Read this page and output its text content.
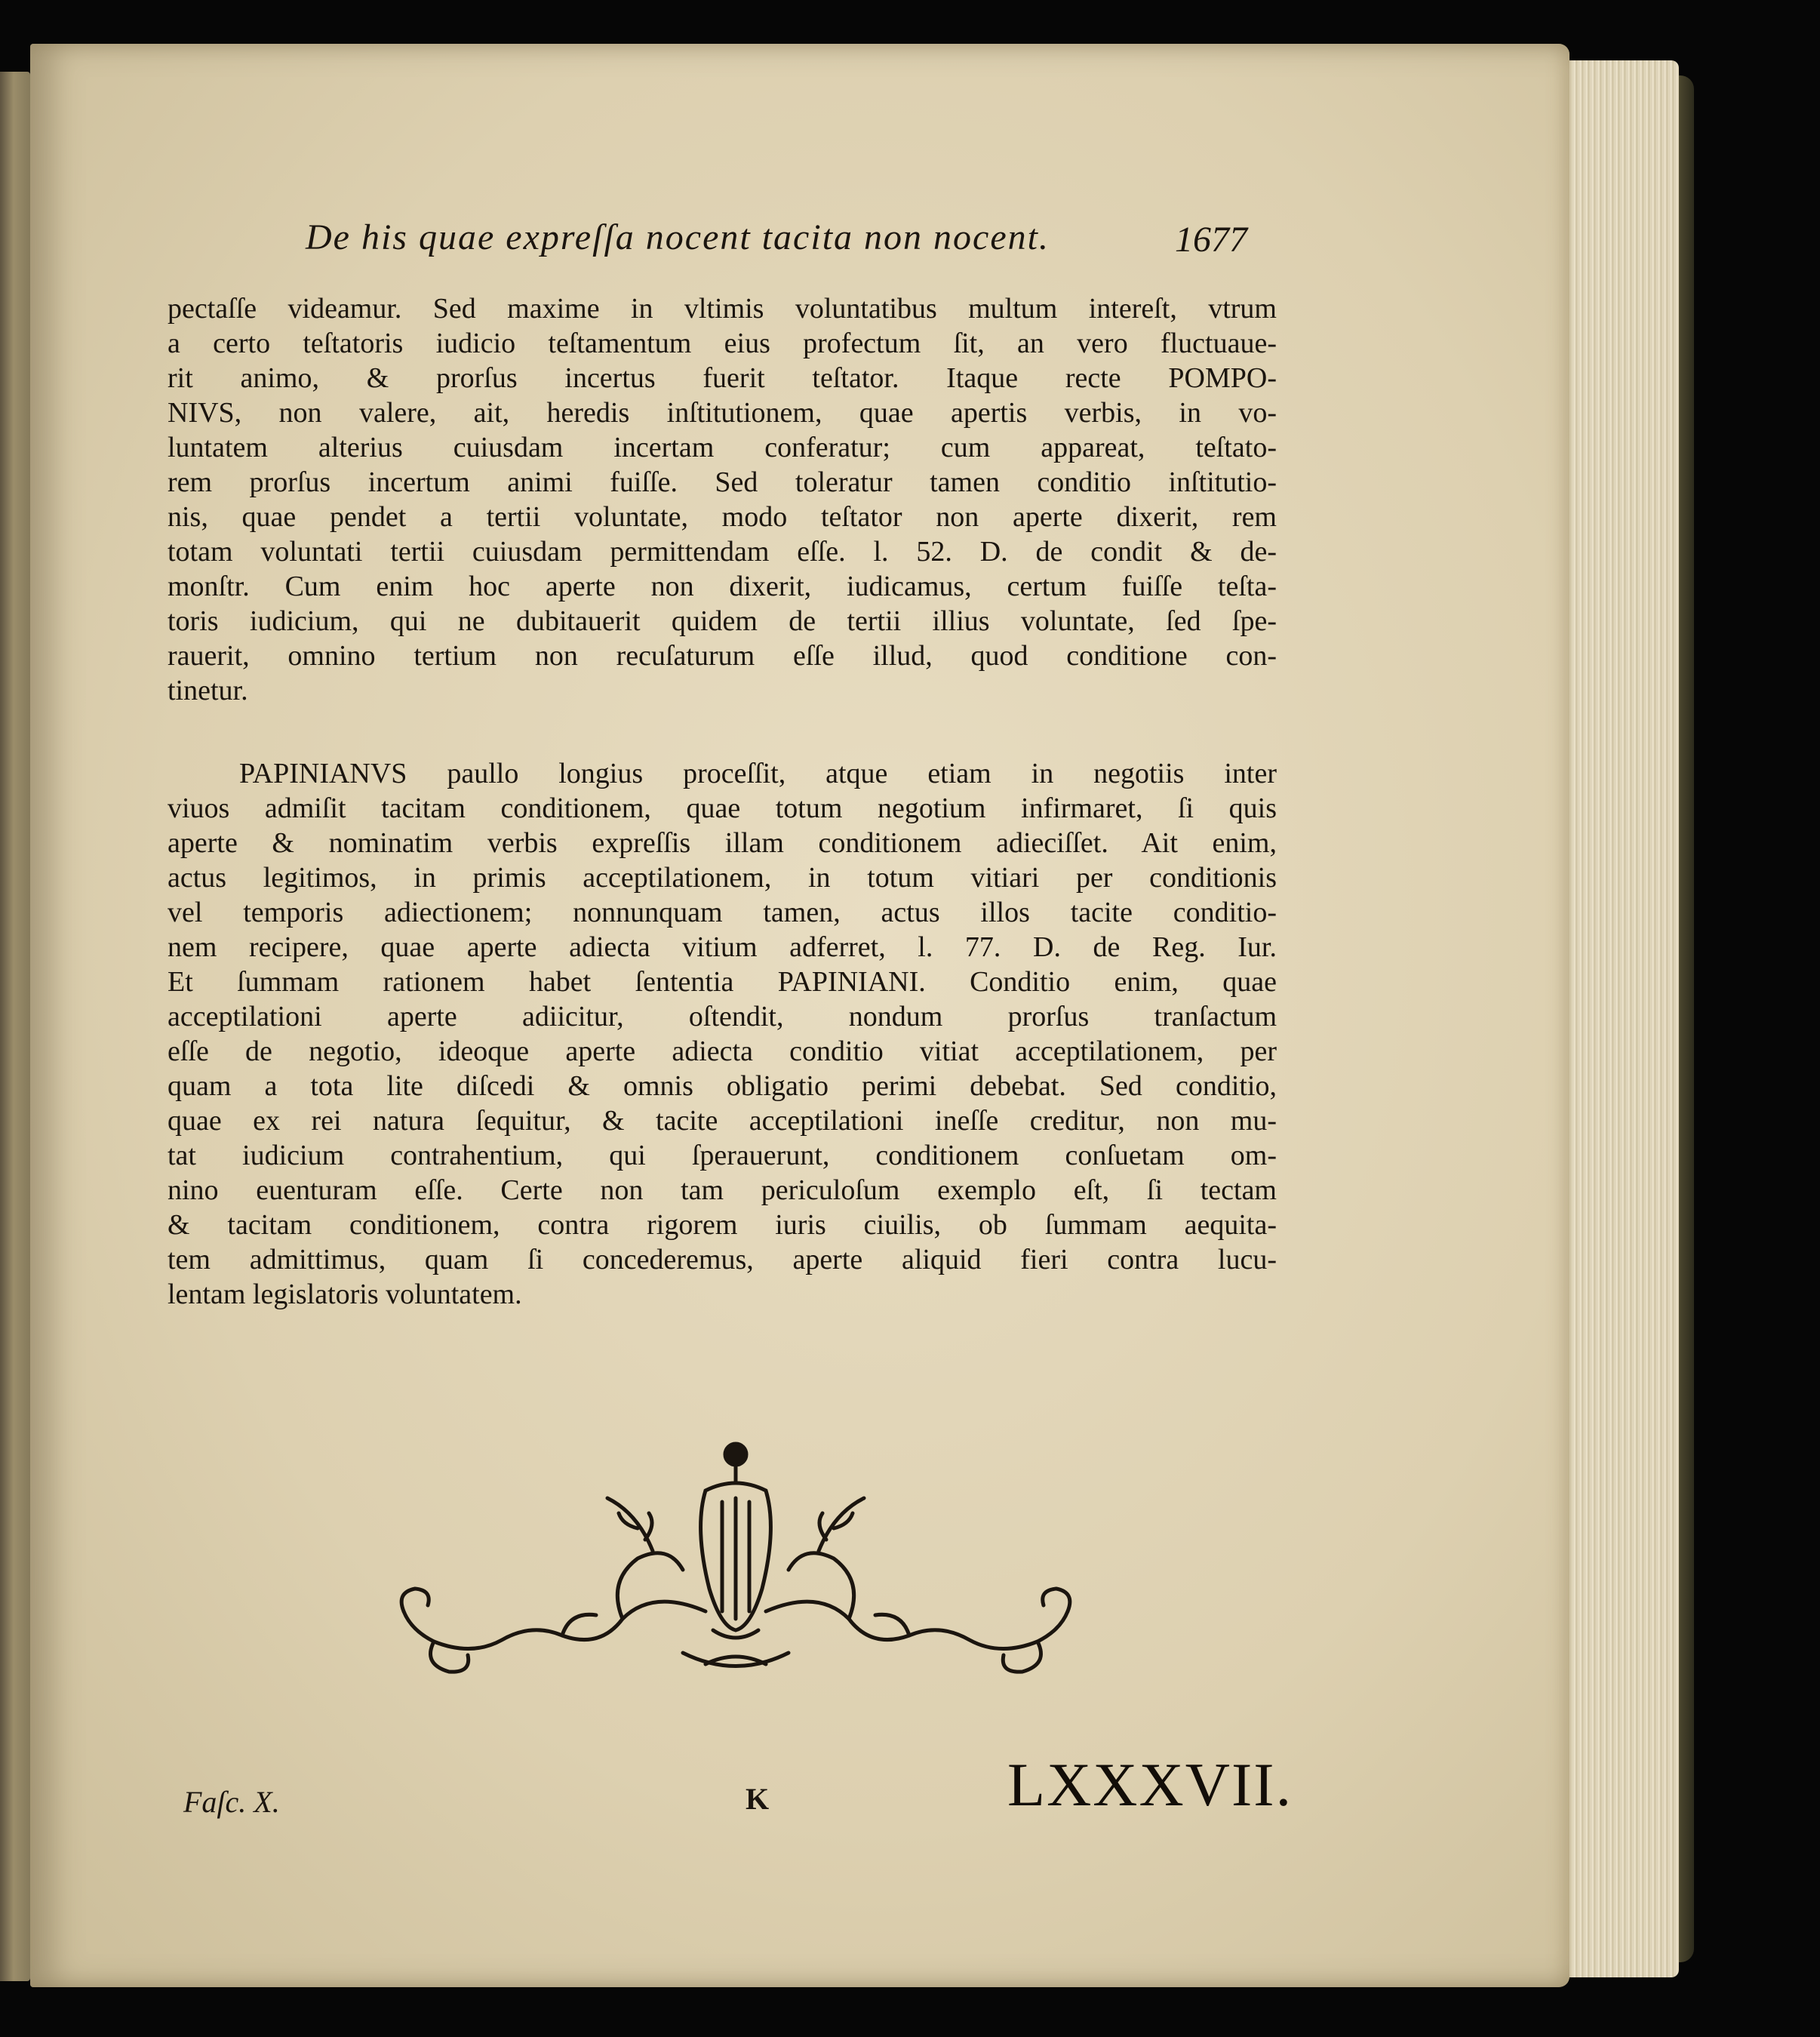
De his quae expreſſa nocent tacita non nocent.	1677
pectaſſe videamur. Sed maxime in vltimis voluntatibus multum intereſt, vtrum
a certo teſtatoris iudicio teſtamentum eius profectum ſit, an vero fluctuaue-
rit animo, & prorſus incertus fuerit teſtator. Itaque recte POMPO-
NIVS, non valere, ait, heredis inſtitutionem, quae apertis verbis, in vo-
luntatem alterius cuiusdam incertam conferatur; cum appareat, teſtato-
rem prorſus incertum animi fuiſſe. Sed toleratur tamen conditio inſtitutio-
nis, quae pendet a tertii voluntate, modo teſtator non aperte dixerit, rem
totam voluntati tertii cuiusdam permittendam eſſe. l. 52. D. de condit & de-
monſtr. Cum enim hoc aperte non dixerit, iudicamus, certum fuiſſe teſta-
toris iudicium, qui ne dubitauerit quidem de tertii illius voluntate, ſed ſpe-
rauerit, omnino tertium non recuſaturum eſſe illud, quod conditione con-
tinetur.
PAPINIANVS paullo longius proceſſit, atque etiam in negotiis inter
viuos admiſit tacitam conditionem, quae totum negotium infirmaret, ſi quis
aperte & nominatim verbis expreſſis illam conditionem adieciſſet. Ait enim,
actus legitimos, in primis acceptilationem, in totum vitiari per conditionis
vel temporis adiectionem; nonnunquam tamen, actus illos tacite conditio-
nem recipere, quae aperte adiecta vitium adferret, l. 77. D. de Reg. Iur.
Et ſummam rationem habet ſententia PAPINIANI. Conditio enim, quae
acceptilationi aperte adiicitur, oſtendit, nondum prorſus tranſactum
eſſe de negotio, ideoque aperte adiecta conditio vitiat acceptilationem, per
quam a tota lite diſcedi & omnis obligatio perimi debebat. Sed conditio,
quae ex rei natura ſequitur, & tacite acceptilationi ineſſe creditur, non mu-
tat iudicium contrahentium, qui ſperauerunt, conditionem conſuetam om-
nino euenturam eſſe. Certe non tam periculoſum exemplo eſt, ſi tectam
& tacitam conditionem, contra rigorem iuris ciuilis, ob ſummam aequita-
tem admittimus, quam ſi concederemus, aperte aliquid fieri contra lucu-
lentam legislatoris voluntatem.
Faſc. X.	K	LXXXVII.
